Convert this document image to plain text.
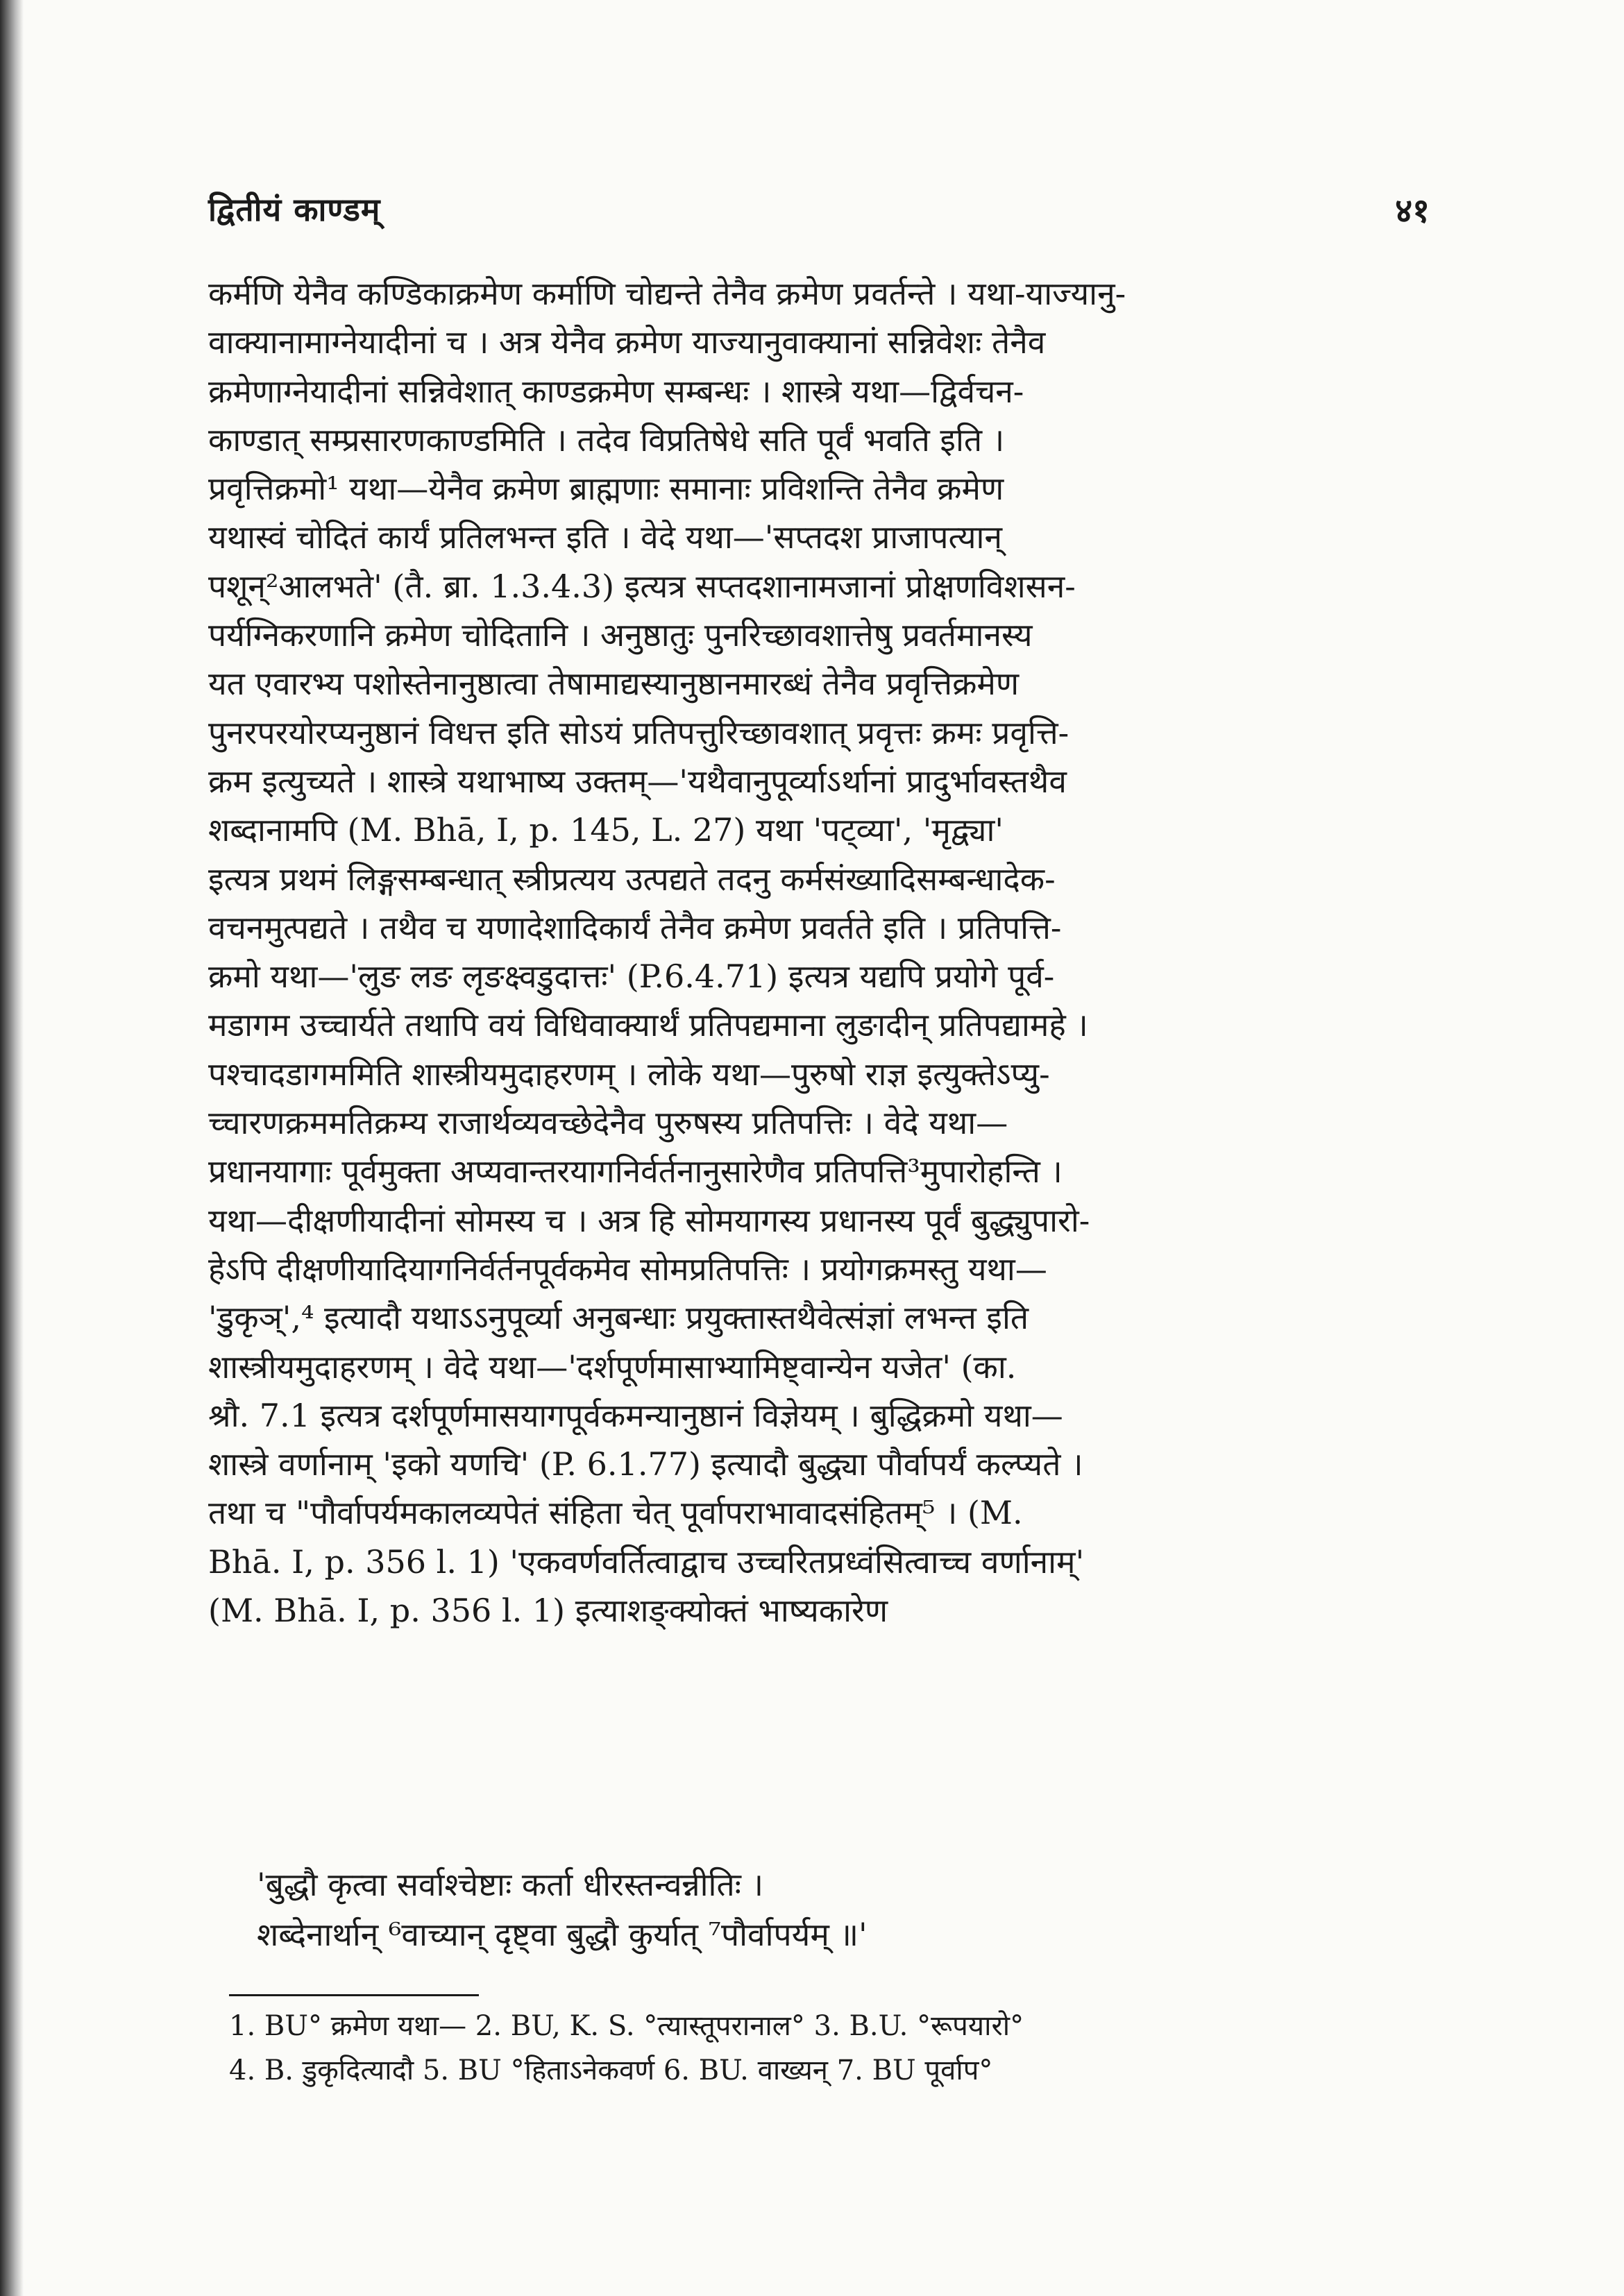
द्वितीयं काण्डम्	४१
कर्मणि येनैव कण्डिकाक्रमेण कर्माणि चोद्यन्ते तेनैव क्रमेण प्रवर्तन्ते । यथा-याज्यानु-
वाक्यानामाग्नेयादीनां च । अत्र येनैव क्रमेण याज्यानुवाक्यानां सन्निवेशः तेनैव
क्रमेणाग्नेयादीनां सन्निवेशात् काण्डक्रमेण सम्बन्धः । शास्त्रे यथा—द्विर्वचन-
काण्डात् सम्प्रसारणकाण्डमिति । तदेव विप्रतिषेधे सति पूर्वं भवति इति ।
प्रवृत्तिक्रमो¹ यथा—येनैव क्रमेण ब्राह्मणाः समानाः प्रविशन्ति तेनैव क्रमेण
यथास्वं चोदितं कार्यं प्रतिलभन्त इति । वेदे यथा—'सप्तदश प्राजापत्यान्
पशून्²आलभते' (तै. ब्रा. 1.3.4.3) इत्यत्र सप्तदशानामजानां प्रोक्षणविशसन-
पर्यग्निकरणानि क्रमेण चोदितानि । अनुष्ठातुः पुनरिच्छावशात्तेषु प्रवर्तमानस्य
यत एवारभ्य पशोस्तेनानुष्ठात्वा तेषामाद्यस्यानुष्ठानमारब्धं तेनैव प्रवृत्तिक्रमेण
पुनरपरयोरप्यनुष्ठानं विधत्त इति सोऽयं प्रतिपत्तुरिच्छावशात् प्रवृत्तः क्रमः प्रवृत्ति-
क्रम इत्युच्यते । शास्त्रे यथाभाष्य उक्तम्—'यथैवानुपूर्व्याऽर्थानां प्रादुर्भावस्तथैव
शब्दानामपि (M. Bhā, I, p. 145, L. 27) यथा 'पट्व्या', 'मृद्व्या'
इत्यत्र प्रथमं लिङ्गसम्बन्धात् स्त्रीप्रत्यय उत्पद्यते तदनु कर्मसंख्यादिसम्बन्धादेक-
वचनमुत्पद्यते । तथैव च यणादेशादिकार्यं तेनैव क्रमेण प्रवर्तते इति । प्रतिपत्ति-
क्रमो यथा—'लुङ लङ लृङक्ष्वडुदात्तः' (P.6.4.71) इत्यत्र यद्यपि प्रयोगे पूर्व-
मडागम उच्चार्यते तथापि वयं विधिवाक्यार्थं प्रतिपद्यमाना लुङादीन् प्रतिपद्यामहे ।
पश्चादडागममिति शास्त्रीयमुदाहरणम् । लोके यथा—पुरुषो राज्ञ इत्युक्तेऽप्यु-
च्चारणक्रममतिक्रम्य राजार्थव्यवच्छेदेनैव पुरुषस्य प्रतिपत्तिः । वेदे यथा—
प्रधानयागाः पूर्वमुक्ता अप्यवान्तरयागनिर्वर्तनानुसारेणैव प्रतिपत्ति³मुपारोहन्ति ।
यथा—दीक्षणीयादीनां सोमस्य च । अत्र हि सोमयागस्य प्रधानस्य पूर्वं बुद्ध्युपारो-
हेऽपि दीक्षणीयादियागनिर्वर्तनपूर्वकमेव सोमप्रतिपत्तिः । प्रयोगक्रमस्तु यथा—
'डुकृञ्',⁴ इत्यादौ यथाऽऽनुपूर्व्या अनुबन्धाः प्रयुक्तास्तथैवेत्संज्ञां लभन्त इति
शास्त्रीयमुदाहरणम् । वेदे यथा—'दर्शपूर्णमासाभ्यामिष्ट्वान्येन यजेत' (का.
श्रौ. 7.1 इत्यत्र दर्शपूर्णमासयागपूर्वकमन्यानुष्ठानं विज्ञेयम् । बुद्धिक्रमो यथा—
शास्त्रे वर्णानाम् 'इको यणचि' (P. 6.1.77) इत्यादौ बुद्ध्या पौर्वापर्यं कल्प्यते ।
तथा च "पौर्वापर्यमकालव्यपेतं संहिता चेत् पूर्वापराभावादसंहितम्⁵ । (M.
Bhā. I, p. 356 l. 1) 'एकवर्णवर्तित्वाद्वाच उच्चरितप्रध्वंसित्वाच्च वर्णानाम्'
(M. Bhā. I, p. 356 l. 1) इत्याशङ्क्योक्तं भाष्यकारेण
'बुद्धौ कृत्वा सर्वाश्चेष्टाः कर्ता धीरस्तन्वन्नीतिः ।
शब्देनार्थान् ⁶वाच्यान् दृष्ट्वा बुद्धौ कुर्यात् ⁷पौर्वापर्यम् ॥'
1. BU° क्रमेण यथा— 2. BU, K. S. °त्यास्तूपरानाल° 3. B.U. °रूपयारो°
4. B. डुकृदित्यादौ 5. BU °हिताऽनेकवर्ण 6. BU. वाख्यन् 7. BU पूर्वाप°
